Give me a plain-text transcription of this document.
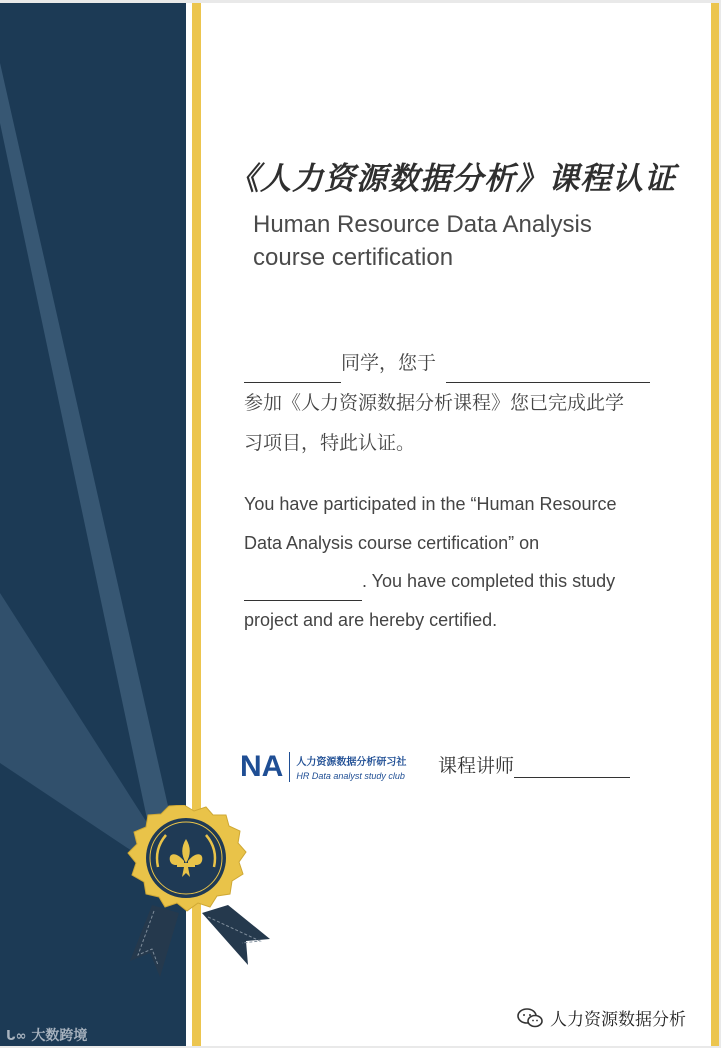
《人力资源数据分析》课程认证
Human Resource Data Analysis
course certification
同学，您于
参加《人力资源数据分析课程》您已完成此学
习项目，特此认证。
You have participated in the “Human Resource
Data Analysis course certification” on
. You have completed this study
project and are hereby certified.
NA 人力资源数据分析研习社
HR Data analyst study club 课程讲师
ᒐ∞ 大数跨境
人力资源数据分析
